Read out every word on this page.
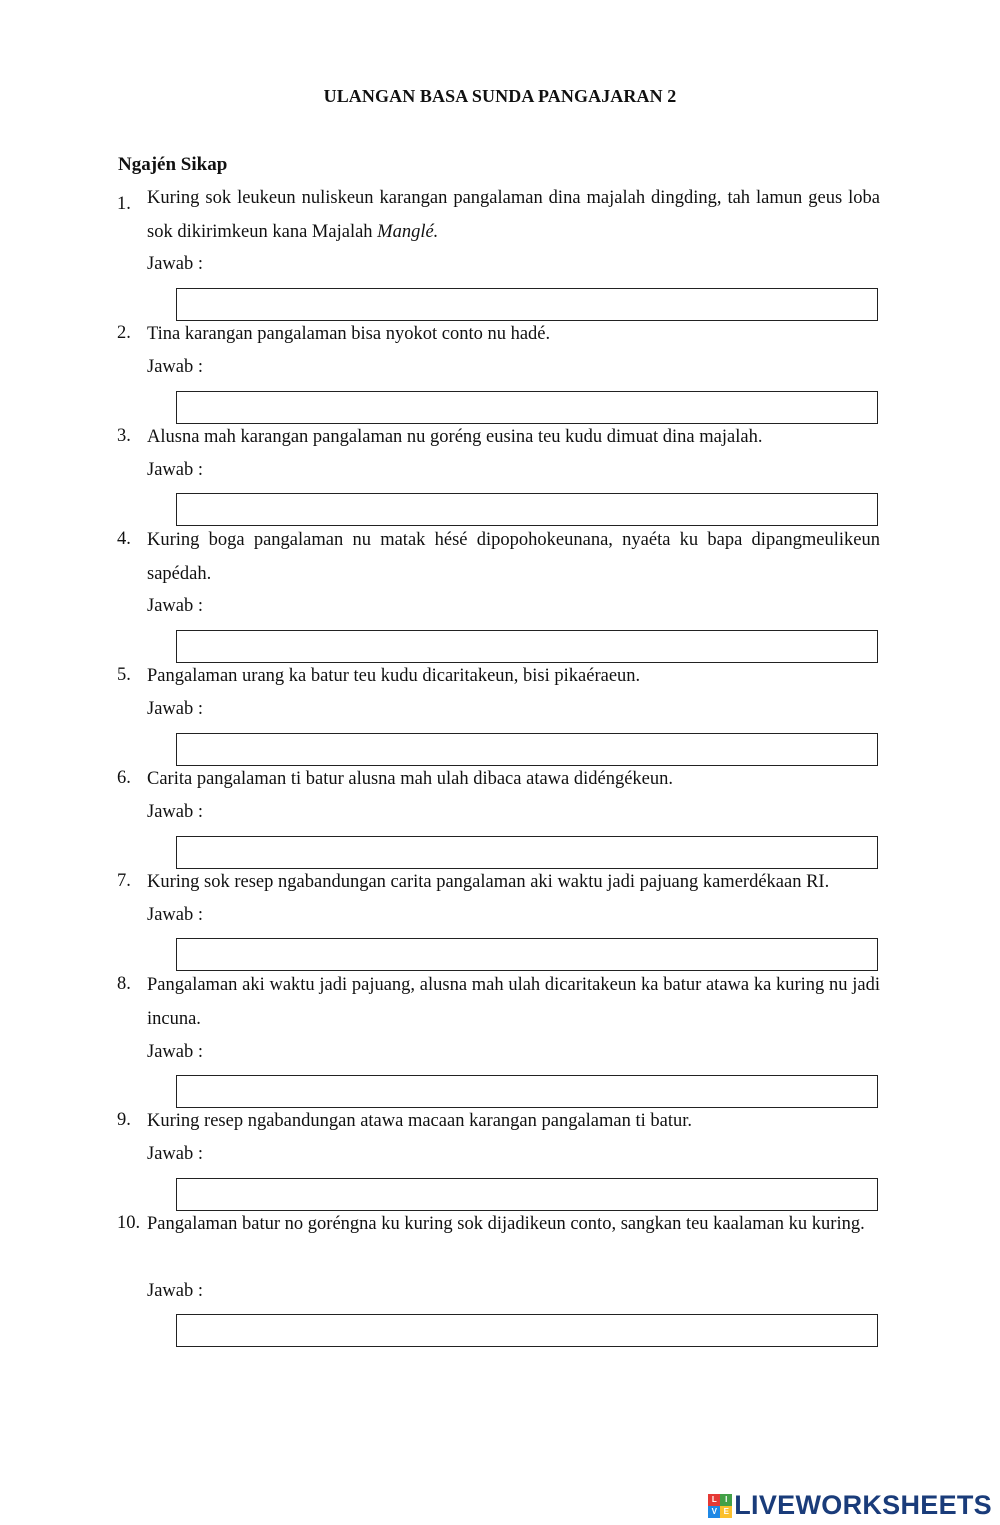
ULANGAN BASA SUNDA PANGAJARAN 2
Ngajén Sikap
1. Kuring sok leukeun nuliskeun karangan pangalaman dina majalah dingding, tah lamun geus loba sok dikirimkeun kana Majalah Manglé.
Jawab :
2. Tina karangan pangalaman bisa nyokot conto nu hadé.
Jawab :
3. Alusna mah karangan pangalaman nu goréng eusina teu kudu dimuat dina majalah.
Jawab :
4. Kuring boga pangalaman nu matak hésé dipopohokeunana, nyaéta ku bapa dipangmeulikeun sapédah.
Jawab :
5. Pangalaman urang ka batur teu kudu dicaritakeun, bisi pikaéraeun.
Jawab :
6. Carita pangalaman ti batur alusna mah ulah dibaca atawa didéngékeun.
Jawab :
7. Kuring sok resep ngabandungan carita pangalaman aki waktu jadi pajuang kamerdékaan RI.
Jawab :
8. Pangalaman aki waktu jadi pajuang, alusna mah ulah dicaritakeun ka batur atawa ka kuring nu jadi incuna.
Jawab :
9. Kuring resep ngabandungan atawa macaan karangan pangalaman ti batur.
Jawab :
10. Pangalaman batur no goréngna ku kuring sok dijadikeun conto, sangkan teu kaalaman ku kuring.
Jawab :
L	I
V E LIVEWORKSHEETS
